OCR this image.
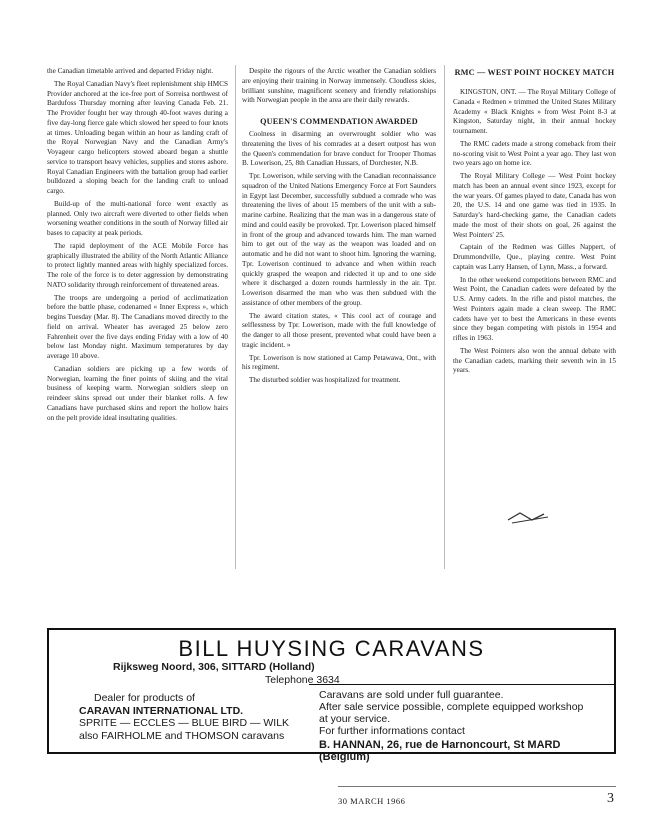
the Canadian timetable arrived and departed Friday night.

The Royal Canadian Navy's fleet replenishment ship HMCS Provider anchored at the ice-free port of Sorreisa northwest of Bardufoss Thursday morning after leaving Canada Feb. 21. The Provider fought her way through 40-foot waves during a five day-long fierce gale which slowed her speed to four knots at times. Unloading began within an hour as landing craft of the Royal Norwegian Navy and the Canadian Army's Voyageur cargo helicopters stowed aboard began a shuttle service to transport heavy vehicles, supplies and stores ashore. Royal Canadian Engineers with the battalion group had earlier bulldozed a sloping beach for the landing craft to unload cargo.

Build-up of the multi-national force went exactly as planned. Only two aircraft were diverted to other fields when worsening weather conditions in the south of Norway filled air bases to capacity at peak periods.

The rapid deployment of the ACE Mobile Force has graphically illustrated the ability of the North Atlantic Alliance to protect lightly manned areas with highly specialized forces. The role of the force is to deter aggression by demonstrating NATO solidarity through reinforcement of threatened areas.

The troops are undergoing a period of acclimatization before the battle phase, codenamed « Inner Express », which begins Tuesday (Mar. 8). The Canadians moved directly to the field on arrival. Wheater has averaged 25 below zero Fahrenheit over the five days ending Friday with a low of 40 below last Monday night. Maximum temperatures by day average 10 above.

Canadian soldiers are picking up a few words of Norwegian, learning the finer points of skiing and the vital business of keeping warm. Norwegian soldiers sleep on reindeer skins spread out under their blanket rolls. A few Canadians have purchased skins and report the hollow hairs on the pelt provide ideal insultating qualities.

Despite the rigours of the Arctic weather the Canadian soldiers are enjoying their training in Norway immensely. Cloudless skies, brilliant sunshine, magnificent scenery and friendly relationships with Norwegian people in the area are their daily rewards.

QUEEN'S COMMENDATION AWARDED

Coolness in disarming an overwrought soldier who was threatening the lives of his comrades at a desert outpost has won the Queen's commendation for brave conduct for Trooper Thomas B. Lowerison, 25, 8th Canadian Hussars, of Dorchester, N.B.

Tpr. Lowerison, while serving with the Canadian reconnaissance squadron of the United Nations Emergency Force at Fort Saunders in Egypt last December, successfully subdued a comrade who was threatening the lives of about 15 members of the unit with a sub-marine carbine. Realizing that the man was in a dangerous state of mind and could easily be provoked. Tpr. Lowerison placed himself in front of the group and advanced towards him. The man warned him to get out of the way as the weapon was loaded and on automatic and he did not want to shoot him. Ignoring the warning, Tpr. Lowerison continued to advance and when within reach quickly grasped the weapon and ridected it up and to one side where it discharged a dozen rounds harmlessly in the air. Tpr. Lowerison disarmed the man who was then subdued with the assistance of other members of the group.

The award citation states, « This cool act of courage and selflessness by Tpr. Lowerison, made with the full knowledge of the danger to all those present, prevented what could have been a tragic incident. »

Tpr. Lowerison is now stationed at Camp Petawawa, Ont., with his regiment.

The disturbed soldier was hospitalized for treatment.

RMC — WEST POINT HOCKEY MATCH

KINGSTON, ONT. — The Royal Military College of Canada « Redmen » trimmed the United States Military Academy « Black Knights » from West Point 8-3 at Kingston, Saturday night, in their annual hockey tournament.

The RMC cadets made a strong comeback from their no-scoring visit to West Point a year ago. They last won two years ago on home ice.

The Royal Military College — West Point hockey match has been an annual event since 1923, except for the war years. Of games played to date, Canada has won 20, the U.S. 14 and one game was tied in 1935. In Saturday's hard-checking game, the Canadian cadets made the most of their shots on goal, 26 against the West Pointers' 25.

Captain of the Redmen was Gilles Nappert, of Drummondville, Que., playing centre. West Point captain was Larry Hansen, of Lynn, Mass., a forward.

In the other weekend competitions between RMC and West Point, the Canadian cadets were defeated by the U.S. Army cadets. In the rifle and pistol matches, the West Pointers again made a clean sweep. The RMC cadets have yet to best the Americans in these events since they began competing with pistols in 1954 and rifles in 1963.

The West Pointers also won the annual debate with the Canadian cadets, marking their seventh win in 15 years.

BILL HUYSING CARAVANS
Rijksweg Noord, 306, SITTARD (Holland)
Telephone 3634
Dealer for products of
CARAVAN INTERNATIONAL LTD.
SPRITE — ECCLES — BLUE BIRD — WILK
also FAIRHOLME and THOMSON caravans
Caravans are sold under full guarantee.
After sale service possible, complete equipped workshop
at your service.
For further informations contact
B. HANNAN, 26, rue de Harnoncourt, St MARD (Belgium)
30 MARCH 1966	3
